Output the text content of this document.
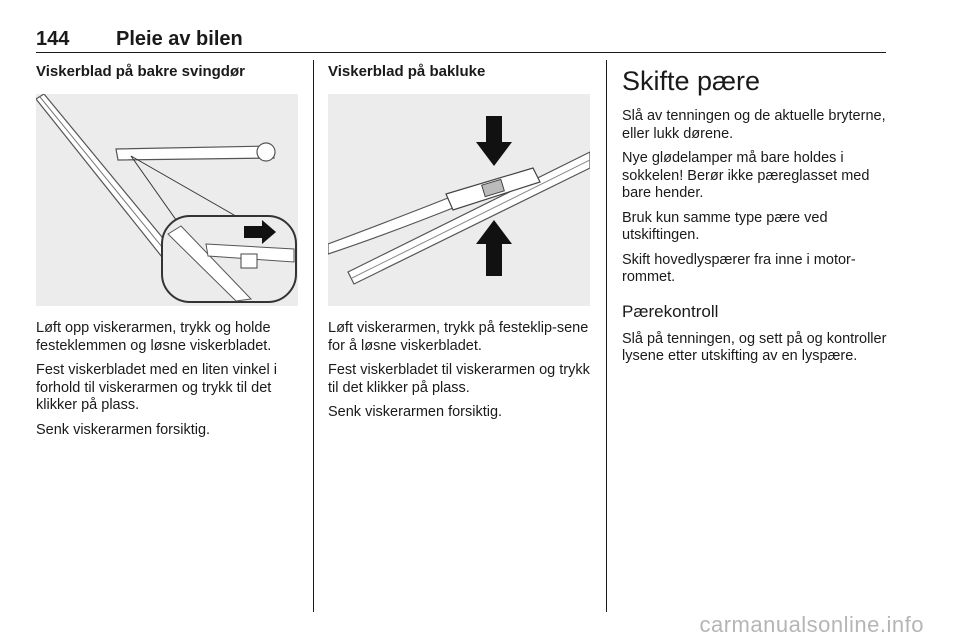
144 Pleie av bilen
Viskerblad på bakre svingdør

Løft opp viskerarmen, trykk og holde festeklemmen og løsne viskerbladet.

Fest viskerbladet med en liten vinkel i forhold til viskerarmen og trykk til det klikker på plass.

Senk viskerarmen forsiktig.

Viskerblad på bakluke

Løft viskerarmen, trykk på festeklip-sene for å løsne viskerbladet.

Fest viskerbladet til viskerarmen og trykk til det klikker på plass.

Senk viskerarmen forsiktig.

Skifte pære

Slå av tenningen og de aktuelle bryterne, eller lukk dørene.

Nye glødelamper må bare holdes i sokkelen! Berør ikke pæreglasset med bare hender.

Bruk kun samme type pære ved utskiftingen.

Skift hovedlyspærer fra inne i motor-rommet.

Pærekontroll

Slå på tenningen, og sett på og kontroller lysene etter utskifting av en lyspære.

carmanualsonline.info
